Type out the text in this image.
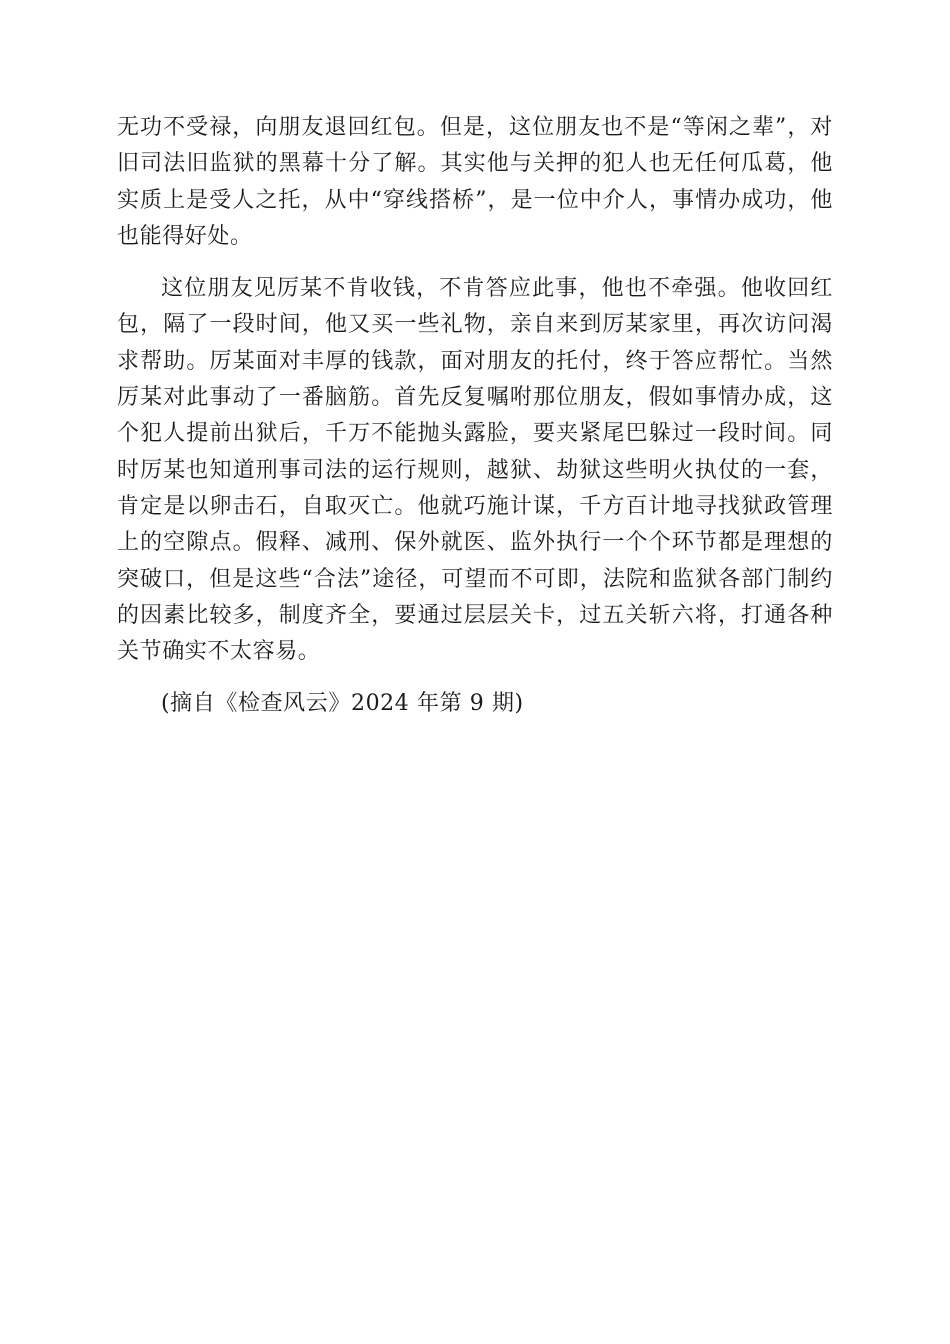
无功不受禄，向朋友退回红包。但是，这位朋友也不是“等闲之辈”，对旧司法旧监狱的黑幕十分了解。其实他与关押的犯人也无任何瓜葛，他实质上是受人之托，从中“穿线搭桥”，是一位中介人，事情办成功，他也能得好处。

这位朋友见厉某不肯收钱，不肯答应此事，他也不牵强。他收回红包，隔了一段时间，他又买一些礼物，亲自来到厉某家里，再次访问渴求帮助。厉某面对丰厚的钱款，面对朋友的托付，终于答应帮忙。当然厉某对此事动了一番脑筋。首先反复嘱咐那位朋友，假如事情办成，这个犯人提前出狱后，千万不能抛头露脸，要夹紧尾巴躲过一段时间。同时厉某也知道刑事司法的运行规则，越狱、劫狱这些明火执仗的一套，肯定是以卵击石，自取灭亡。他就巧施计谋，千方百计地寻找狱政管理上的空隙点。假释、减刑、保外就医、监外执行一个个环节都是理想的突破口，但是这些“合法”途径，可望而不可即，法院和监狱各部门制约的因素比较多，制度齐全，要通过层层关卡，过五关斩六将，打通各种关节确实不太容易。

(摘自《检查风云》2024 年第 9 期)
